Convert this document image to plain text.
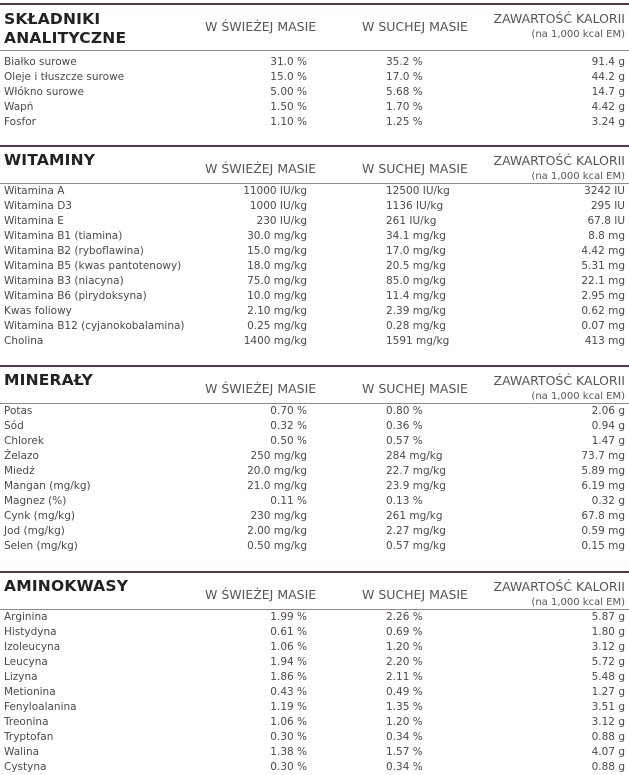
SKŁADNIKI
ANALITYCZNE
W ŚWIEŻEJ MASIE	W SUCHEJ MASIE
ZAWARTOŚĆ KALORII
(na 1,000 kcal EM)
Białko surowe	31.0 %	35.2 %	91.4 g
Oleje i tłuszcze surowe	15.0 %	17.0 %	44.2 g
Włókno surowe	5.00 %	5.68 %	14.7 g
Wapń	1.50 %	1.70 %	4.42 g
Fosfor	1.10 %	1.25 %	3.24 g
WITAMINY	W ŚWIEŻEJ MASIE	W SUCHEJ MASIE
ZAWARTOŚĆ KALORII
(na 1,000 kcal EM)
Witamina A	11000 IU/kg	12500 IU/kg	3242 IU
Witamina D3	1000 IU/kg	1136 IU/kg	295 IU
Witamina E	230 IU/kg	261 IU/kg	67.8 IU
Witamina B1 (tiamina)	30.0 mg/kg	34.1 mg/kg	8.8 mg
Witamina B2 (ryboflawina)	15.0 mg/kg	17.0 mg/kg	4.42 mg
Witamina B5 (kwas pantotenowy)	18.0 mg/kg	20.5 mg/kg	5.31 mg
Witamina B3 (niacyna)	75.0 mg/kg	85.0 mg/kg	22.1 mg
Witamina B6 (pirydoksyna)	10.0 mg/kg	11.4 mg/kg	2.95 mg
Kwas foliowy	2.10 mg/kg	2.39 mg/kg	0.62 mg
Witamina B12 (cyjanokobalamina)	0.25 mg/kg	0.28 mg/kg	0.07 mg
Cholina	1400 mg/kg	1591 mg/kg	413 mg
MINERAŁY	W ŚWIEŻEJ MASIE	W SUCHEJ MASIE
ZAWARTOŚĆ KALORII
(na 1,000 kcal EM)
Potas	0.70 %	0.80 %	2.06 g
Sód	0.32 %	0.36 %	0.94 g
Chlorek	0.50 %	0.57 %	1.47 g
Żelazo	250 mg/kg	284 mg/kg	73.7 mg
Miedź	20.0 mg/kg	22.7 mg/kg	5.89 mg
Mangan (mg/kg)	21.0 mg/kg	23.9 mg/kg	6.19 mg
Magnez (%)	0.11 %	0.13 %	0.32 g
Cynk (mg/kg)	230 mg/kg	261 mg/kg	67.8 mg
Jod (mg/kg)	2.00 mg/kg	2.27 mg/kg	0.59 mg
Selen (mg/kg)	0.50 mg/kg	0.57 mg/kg	0.15 mg
AMINOKWASY	W ŚWIEŻEJ MASIE	W SUCHEJ MASIE
ZAWARTOŚĆ KALORII
(na 1,000 kcal EM)
Arginina	1.99 %	2.26 %	5.87 g
Histydyna	0.61 %	0.69 %	1.80 g
Izoleucyna	1.06 %	1.20 %	3.12 g
Leucyna	1.94 %	2.20 %	5.72 g
Lizyna	1.86 %	2.11 %	5.48 g
Metionina	0.43 %	0.49 %	1.27 g
Fenyloalanina	1.19 %	1.35 %	3.51 g
Treonina	1.06 %	1.20 %	3.12 g
Tryptofan	0.30 %	0.34 %	0.88 g
Walina	1.38 %	1.57 %	4.07 g
Cystyna	0.30 %	0.34 %	0.88 g
